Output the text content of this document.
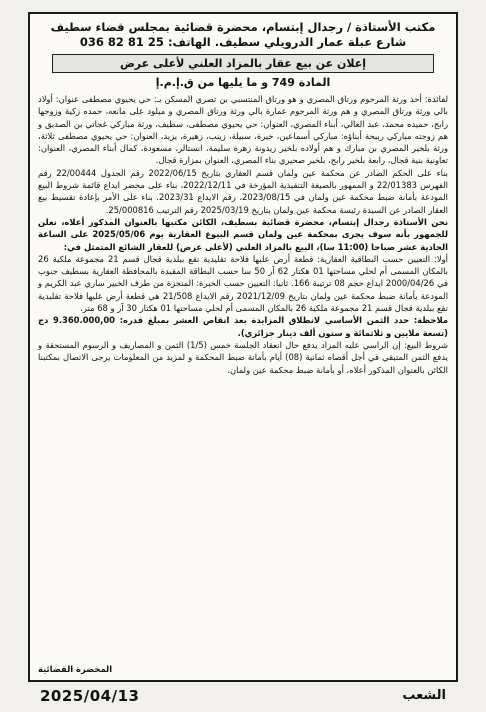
مكتب الأستاذة / رجدال إبتسام، محضرة قضائية بمجلس قضاء سطيف
شارع عبلة عمار الدرويلي سطيف. الهاتف: 25 81 82 036
إعلان عن بيع عقار بالمزاد العلني لأعلى عرض
المادة 749 و ما يليها من ق.إ.م.إ

لفائدة: أحد ورثة المرحوم ورتاق المصري و هو ورتاق المنتسبي بن تصري المسكن بـ: حي يحيوي مصطفى عنوان: أولاد بالي ورثة ورتاق المصري و هم ورثة المرحوم عمارة بالي ورثة ورتاق المصري و ميلود على مانعه، حمده زكية وزوجها رابح، حميده محمد، عبد العالي، أبناء المصري، العنوان: حي يحيوي مصطفى، سطيف، ورثة مباركي غجاتي بن الصديق و هم زوجته مباركي ربيحة أبناؤه: مباركي أسماعين، خيرة، سبيلة، زينب، زهيرة، يزيد، العنوان: حي يحيوي مصطفى ثلاثة، ورثة بلخير المصري بن مبارك و هم أولاده بلخير زيدونة زهرة سليمة، انستالر، مسعودة، كمال أبناء المصري، العنوان: تعاونية بنية قجال، رابعة بلخير رابح، بلخير صحيري بناء المصري، العنوان بمزارة قجال.

بناء على الحكم الصادر عن محكمة عين ولمان قسم العقاري بتاريخ 2022/06/15 رقم الجدول 22/00444 رقم الفهرس 22/01383 و الممهور بالصيغة التنفيذية المؤرخة في 2022/12/11، بناء على محضر ايداع قائمة شروط البيع المودعة بأمانة ضبط محكمة عين ولمان في 2023/08/15، رقم الايداع 2023/31. بناء على الأمر بإعادة تقسيط بيع العقار الصادر عن السيدة رئيسة محكمة عين ولمان بتاريخ 2025/03/19 رقم الترتيب 25/000816.

نحن الأستاذة رجدال إبتسام، محضرة قضائية بسطيف، الكائن مكتبها بالعنوان المذكور أعلاه، نعلن للجمهور بأنه سوف يجرى بمحكمة عين ولمان قسم البيوع العقارية يوم 2025/05/06 على الساعة الحادية عشر صباحا (11:00 سا)، البيع بالمزاد العلني (لأعلى عرض) للعقار الشائع المتمثل في:

أولا: التعيين حسب البطاقية العقارية: قطعة أرض عليها فلاحة تقليدية تقع ببلدية قجال قسم 21 مجموعة ملكية 26 بالمكان المسمى أم لحلي مساحتها 01 هكتار 62 آر 50 سا حسب البطاقة المقيدة بالمحافظة العقارية بسطيف جنوب في 2000/04/26 ايداع حجم 08 ترتيبة 166. ثانيا: التعيين حسب الخبرة: المنجزة من طرف الخبير ساري عبد الكريم و المودعة بأمانة ضبط محكمة عين ولمان بتاريخ 2021/12/09 رقم الايداع 21/508 هي قطعة أرض عليها فلاحة تقليدية تقع ببلدية قجال قسم 21 مجموعة ملكية 26 بالمكان المسمى أم لحلي مساحتها 01 هكتار 30 آر و 68 متر.

ملاحظة: حدد الثمن الأساسي لانطلاق المزايدة بعد انقاص العشر بمبلغ قدره: 9.360.000,00 دج (تسعة ملايين و ثلاثمائة و ستون ألف دينار جزائري).

شروط البيع: إن الراسي عليه المزاد يدفع حال انعقاد الجلسة خمس (1/5) الثمن و المصاريف و الرسوم المستحقة و يدفع الثمن المتبقي في أجل أقصاه ثمانية (08) أيام بأمانة ضبط المحكمة و لمزيد من المعلومات يرجى الاتصال بمكتبنا الكائن بالعنوان المذكور أعلاه، أو بأمانة ضبط محكمة عين ولمان.

المحضرة القضائية
الشعب
2025/04/13
